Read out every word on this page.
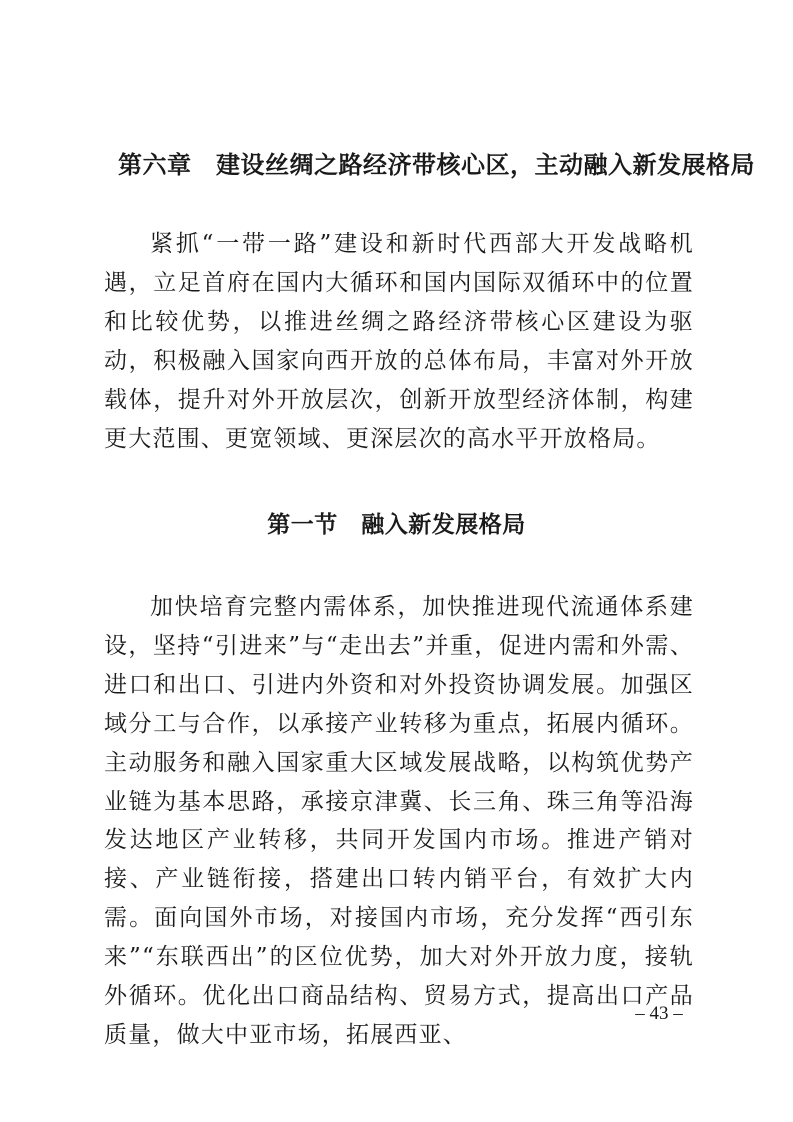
第六章　建设丝绸之路经济带核心区，主动融入新发展格局

紧抓“一带一路”建设和新时代西部大开发战略机遇，立足首府在国内大循环和国内国际双循环中的位置和比较优势，以推进丝绸之路经济带核心区建设为驱动，积极融入国家向西开放的总体布局，丰富对外开放载体，提升对外开放层次，创新开放型经济体制，构建更大范围、更宽领域、更深层次的高水平开放格局。

第一节　融入新发展格局

加快培育完整内需体系，加快推进现代流通体系建设，坚持“引进来”与“走出去”并重，促进内需和外需、进口和出口、引进内外资和对外投资协调发展。加强区域分工与合作，以承接产业转移为重点，拓展内循环。主动服务和融入国家重大区域发展战略，以构筑优势产业链为基本思路，承接京津冀、长三角、珠三角等沿海发达地区产业转移，共同开发国内市场。推进产销对接、产业链衔接，搭建出口转内销平台，有效扩大内需。面向国外市场，对接国内市场，充分发挥“西引东来”“东联西出”的区位优势，加大对外开放力度，接轨外循环。优化出口商品结构、贸易方式，提高出口产品质量，做大中亚市场，拓展西亚、

– 43 –
